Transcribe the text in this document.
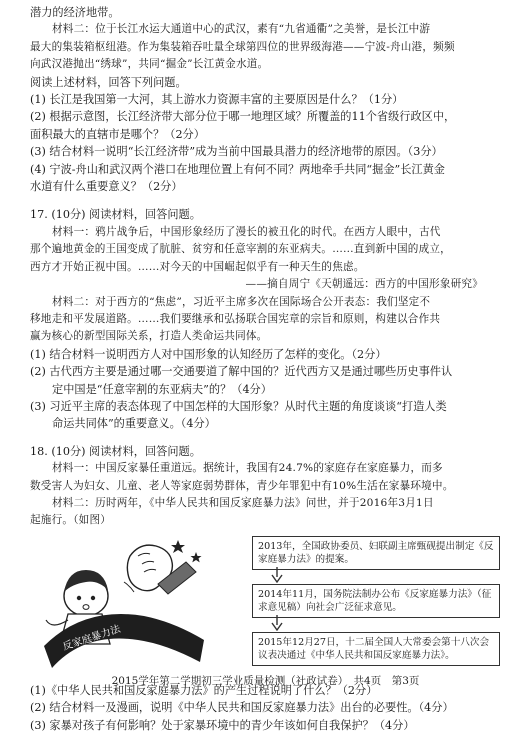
潜力的经济地带。
材料二：位于长江水运大通道中心的武汉，素有“九省通衢”之美誉，是长江中游
最大的集装箱枢纽港。作为集装箱吞吐量全球第四位的世界级海港——宁波-舟山港，频频
向武汉港抛出“绣球”，共同“掘金”长江黄金水道。
阅读上述材料，回答下列问题。
(1) 长江是我国第一大河，其上游水力资源丰富的主要原因是什么？（1分）
(2) 根据示意图，长江经济带大部分位于哪一地理区域？所覆盖的11个省级行政区中，
面积最大的直辖市是哪个？（2分）
(3) 结合材料一说明“长江经济带”成为当前中国最具潜力的经济地带的原因。（3分）
(4) 宁波-舟山和武汉两个港口在地理位置上有何不同？两地牵手共同“掘金”长江黄金
水道有什么重要意义？（2分）
17. (10分) 阅读材料，回答问题。
材料一：鸦片战争后，中国形象经历了漫长的被丑化的时代。在西方人眼中，古代
那个遍地黄金的王国变成了肮脏、贫穷和任意宰割的东亚病夫。……直到新中国的成立，
西方才开始正视中国。……对今天的中国崛起似乎有一种天生的焦虑。
——摘自周宁《天朝遥远：西方的中国形象研究》
材料二：对于西方的“焦虑”，习近平主席多次在国际场合公开表态：我们坚定不
移地走和平发展道路。……我们要继承和弘扬联合国宪章的宗旨和原则，构建以合作共
赢为核心的新型国际关系，打造人类命运共同体。
(1) 结合材料一说明西方人对中国形象的认知经历了怎样的变化。（2分）
(2) 古代西方主要是通过哪一交通要道了解中国的？近代西方又是通过哪些历史事件认
定中国是“任意宰割的东亚病夫”的？（4分）
(3) 习近平主席的表态体现了中国怎样的大国形象？从时代主题的角度谈谈“打造人类
命运共同体”的重要意义。（4分）
18. (10分) 阅读材料，回答问题。
材料一：中国反家暴任重道远。据统计，我国有24.7%的家庭存在家庭暴力，而多
数受害人为妇女、儿童、老人等家庭弱势群体，青少年罪犯中有10%生活在家暴环境中。
材料二：历时两年，《中华人民共和国反家庭暴力法》问世，并于2016年3月1日
起施行。（如图）
反家庭暴力法
2013年，全国政协委员、妇联副主席甄砚提出制定《反家庭暴力法》的提案。
2014年11月，国务院法制办公布《反家庭暴力法》（征求意见稿）向社会广泛征求意见。
2015年12月27日，十二届全国人大常委会第十八次会议表决通过《中华人民共和国反家庭暴力法》。
(1)《中华人民共和国反家庭暴力法》的产生过程说明了什么？（2分）
(2) 结合材料一及漫画，说明《中华人民共和国反家庭暴力法》出台的必要性。（4分）
(3) 家暴对孩子有何影响？处于家暴环境中的青少年该如何自我保护？（4分）
2015学年第二学期初三学业质量检测（社政试卷）　共4页　第3页
